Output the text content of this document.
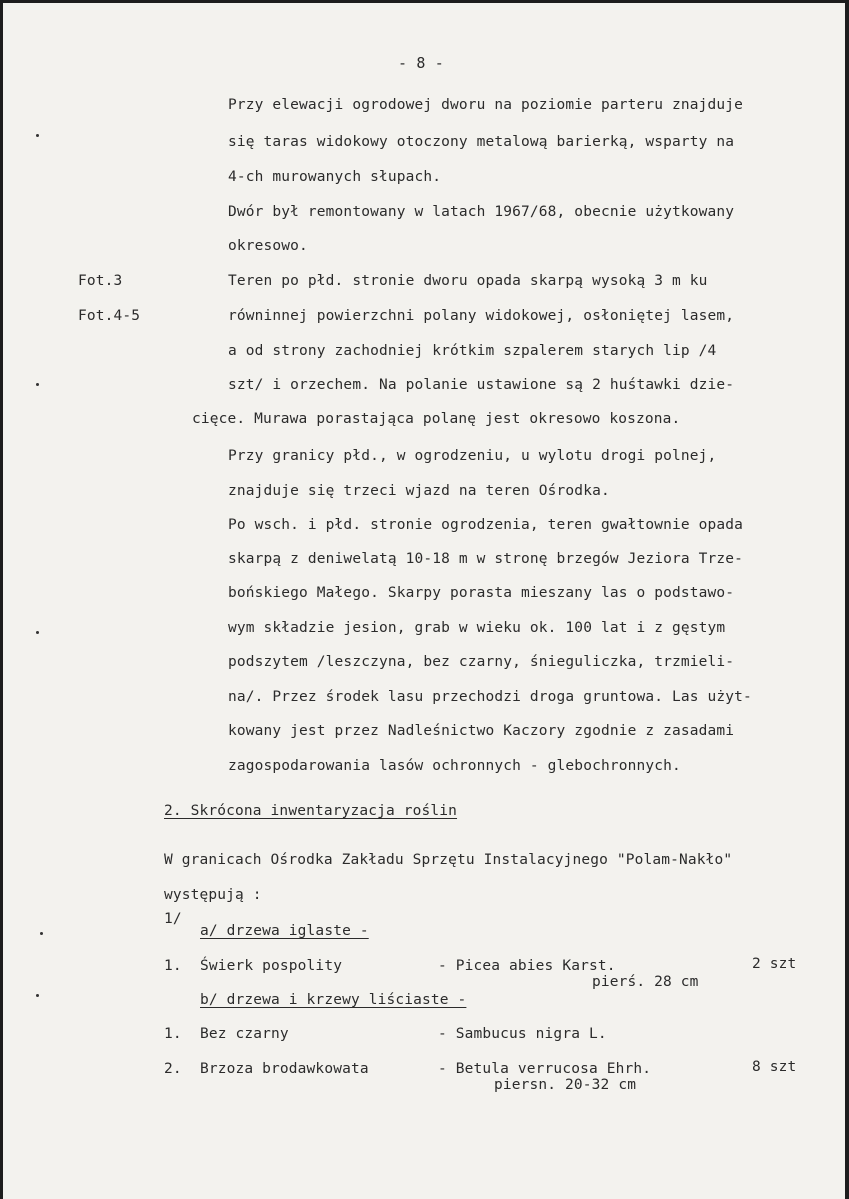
- 8 -
Fot.3
Fot.4-5
Przy elewacji ogrodowej dworu na poziomie parteru znajduje
się taras widokowy otoczony metalową barierką, wsparty na
4-ch murowanych słupach.
Dwór był remontowany w latach 1967/68, obecnie użytkowany
okresowo.
Teren po płd. stronie dworu opada skarpą wysoką 3 m ku
równinnej powierzchni polany widokowej, osłoniętej lasem,
a od strony zachodniej krótkim szpalerem starych lip /4
szt/ i orzechem. Na polanie ustawione są 2 huśtawki dzie-
cięce. Murawa porastająca polanę jest okresowo koszona.
Przy granicy płd., w ogrodzeniu, u wylotu drogi polnej,
znajduje się trzeci wjazd na teren Ośrodka.
Po wsch. i płd. stronie ogrodzenia, teren gwałtownie opada
skarpą z deniwelatą 10-18 m w stronę brzegów Jeziora Trze-
bońskiego Małego. Skarpy porasta mieszany las o podstawo-
wym składzie jesion, grab w wieku ok. 100 lat i z gęstym
podszytem /leszczyna, bez czarny, śnieguliczka, trzmieli-
na/. Przez środek lasu przechodzi droga gruntowa. Las użyt-
kowany jest przez Nadleśnictwo Kaczory zgodnie z zasadami
zagospodarowania lasów ochronnych - glebochronnych.
2. Skrócona inwentaryzacja roślin
W granicach Ośrodka Zakładu Sprzętu Instalacyjnego "Polam-Nakło"
występują :
1/
a/ drzewa iglaste -
1. Świerk pospolity	- Picea abies Karst.	2 szt
pierś. 28 cm
b/ drzewa i krzewy liściaste -
1. Bez czarny	- Sambucus nigra L.
2. Brzoza brodawkowata	- Betula verrucosa Ehrh.	8 szt
piersn. 20-32 cm
